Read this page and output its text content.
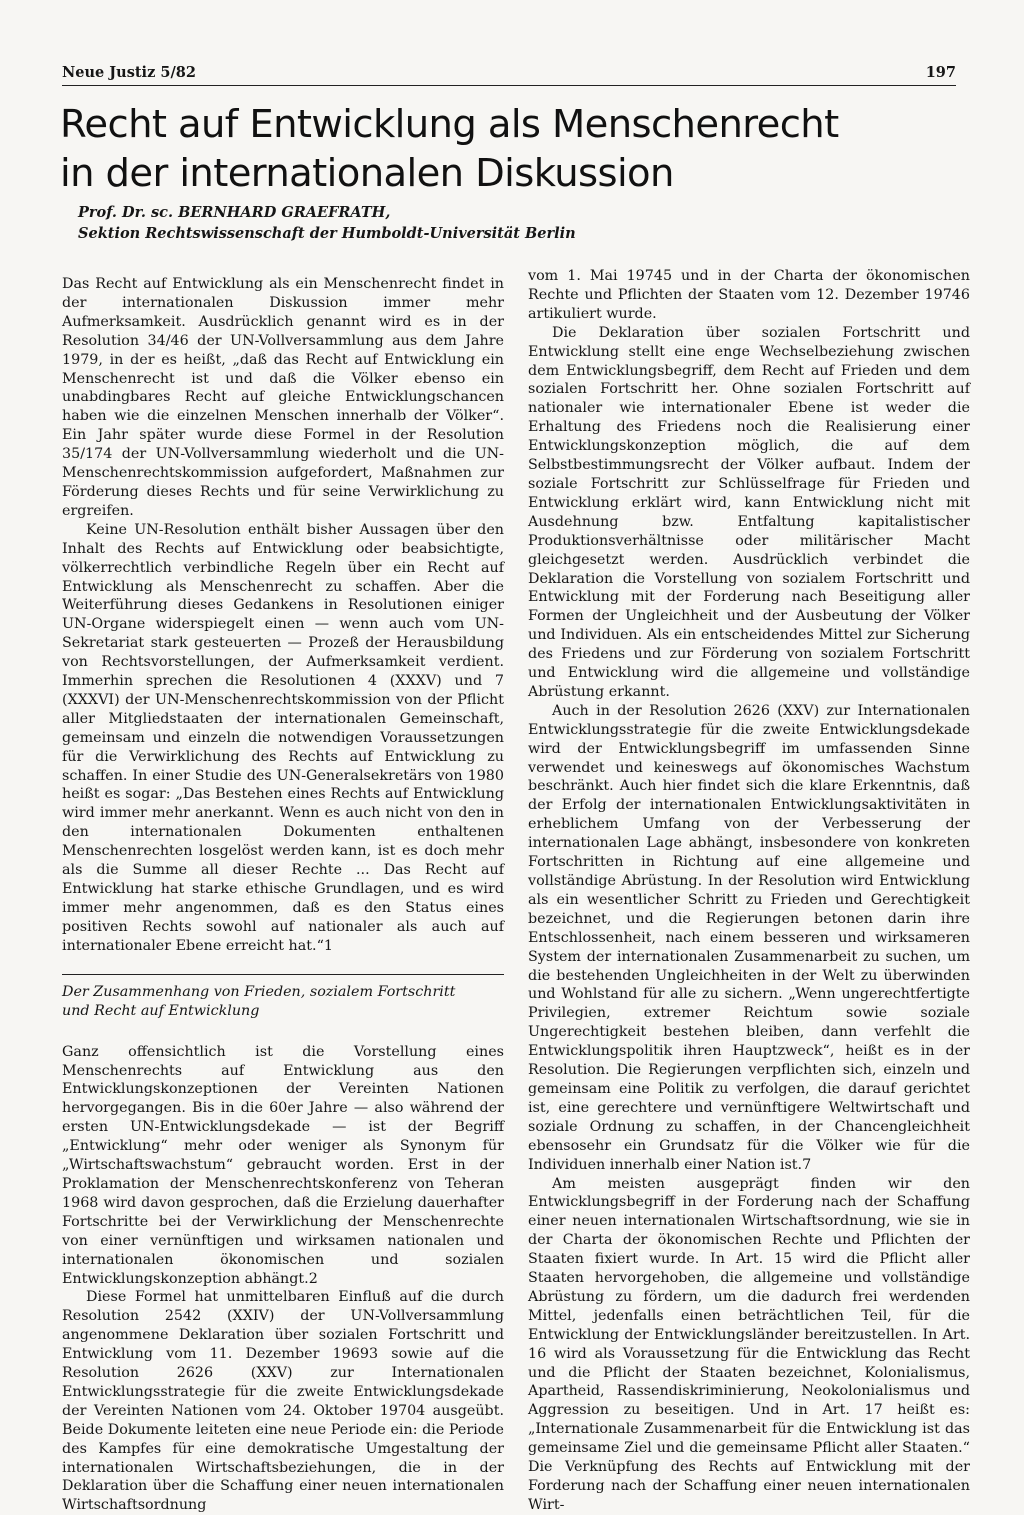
Neue Justiz 5/82	197
Recht auf Entwicklung als Menschenrecht
in der internationalen Diskussion
Prof. Dr. sc. BERNHARD GRAEFRATH,
Sektion Rechtswissenschaft der Humboldt-Universität Berlin

Das Recht auf Entwicklung als ein Menschenrecht findet in der internationalen Diskussion immer mehr Aufmerksamkeit. Ausdrücklich genannt wird es in der Resolution 34/46 der UN-Vollversammlung aus dem Jahre 1979, in der es heißt, „daß das Recht auf Entwicklung ein Menschenrecht ist und daß die Völker ebenso ein unabdingbares Recht auf gleiche Entwicklungschancen haben wie die einzelnen Menschen innerhalb der Völker“. Ein Jahr später wurde diese Formel in der Resolution 35/174 der UN-Vollversammlung wiederholt und die UN-Menschenrechtskommission aufgefordert, Maßnahmen zur Förderung dieses Rechts und für seine Verwirklichung zu ergreifen.

Keine UN-Resolution enthält bisher Aussagen über den Inhalt des Rechts auf Entwicklung oder beabsichtigte, völkerrechtlich verbindliche Regeln über ein Recht auf Entwicklung als Menschenrecht zu schaffen. Aber die Weiterführung dieses Gedankens in Resolutionen einiger UN-Organe widerspiegelt einen — wenn auch vom UN-Sekretariat stark gesteuerten — Prozeß der Herausbildung von Rechtsvorstellungen, der Aufmerksamkeit verdient. Immerhin sprechen die Resolutionen 4 (XXXV) und 7 (XXXVI) der UN-Menschenrechtskommission von der Pflicht aller Mitgliedstaaten der internationalen Gemeinschaft, gemeinsam und einzeln die notwendigen Voraussetzungen für die Verwirklichung des Rechts auf Entwicklung zu schaffen. In einer Studie des UN-Generalsekretärs von 1980 heißt es sogar: „Das Bestehen eines Rechts auf Entwicklung wird immer mehr anerkannt. Wenn es auch nicht von den in den internationalen Dokumenten enthaltenen Menschenrechten losgelöst werden kann, ist es doch mehr als die Summe all dieser Rechte ... Das Recht auf Entwicklung hat starke ethische Grundlagen, und es wird immer mehr angenommen, daß es den Status eines positiven Rechts sowohl auf nationaler als auch auf internationaler Ebene erreicht hat.“1

Der Zusammenhang von Frieden, sozialem Fortschritt
und Recht auf Entwicklung

Ganz offensichtlich ist die Vorstellung eines Menschenrechts auf Entwicklung aus den Entwicklungskonzeptionen der Vereinten Nationen hervorgegangen. Bis in die 60er Jahre — also während der ersten UN-Entwicklungsdekade — ist der Begriff „Entwicklung“ mehr oder weniger als Synonym für „Wirtschaftswachstum“ gebraucht worden. Erst in der Proklamation der Menschenrechtskonferenz von Teheran 1968 wird davon gesprochen, daß die Erzielung dauerhafter Fortschritte bei der Verwirklichung der Menschenrechte von einer vernünftigen und wirksamen nationalen und internationalen ökonomischen und sozialen Entwicklungskonzeption abhängt.2

Diese Formel hat unmittelbaren Einfluß auf die durch Resolution 2542 (XXIV) der UN-Vollversammlung angenommene Deklaration über sozialen Fortschritt und Entwicklung vom 11. Dezember 19693 sowie auf die Resolution 2626 (XXV) zur Internationalen Entwicklungsstrategie für die zweite Entwicklungsdekade der Vereinten Nationen vom 24. Oktober 19704 ausgeübt. Beide Dokumente leiteten eine neue Periode ein: die Periode des Kampfes für eine demokratische Umgestaltung der internationalen Wirtschaftsbeziehungen, die in der Deklaration über die Schaffung einer neuen internationalen Wirtschaftsordnung

vom 1. Mai 19745 und in der Charta der ökonomischen Rechte und Pflichten der Staaten vom 12. Dezember 19746 artikuliert wurde.

Die Deklaration über sozialen Fortschritt und Entwicklung stellt eine enge Wechselbeziehung zwischen dem Entwicklungsbegriff, dem Recht auf Frieden und dem sozialen Fortschritt her. Ohne sozialen Fortschritt auf nationaler wie internationaler Ebene ist weder die Erhaltung des Friedens noch die Realisierung einer Entwicklungskonzeption möglich, die auf dem Selbstbestimmungsrecht der Völker aufbaut. Indem der soziale Fortschritt zur Schlüsselfrage für Frieden und Entwicklung erklärt wird, kann Entwicklung nicht mit Ausdehnung bzw. Entfaltung kapitalistischer Produktionsverhältnisse oder militärischer Macht gleichgesetzt werden. Ausdrücklich verbindet die Deklaration die Vorstellung von sozialem Fortschritt und Entwicklung mit der Forderung nach Beseitigung aller Formen der Ungleichheit und der Ausbeutung der Völker und Individuen. Als ein entscheidendes Mittel zur Sicherung des Friedens und zur Förderung von sozialem Fortschritt und Entwicklung wird die allgemeine und vollständige Abrüstung erkannt.

Auch in der Resolution 2626 (XXV) zur Internationalen Entwicklungsstrategie für die zweite Entwicklungsdekade wird der Entwicklungsbegriff im umfassenden Sinne verwendet und keineswegs auf ökonomisches Wachstum beschränkt. Auch hier findet sich die klare Erkenntnis, daß der Erfolg der internationalen Entwicklungsaktivitäten in erheblichem Umfang von der Verbesserung der internationalen Lage abhängt, insbesondere von konkreten Fortschritten in Richtung auf eine allgemeine und vollständige Abrüstung. In der Resolution wird Entwicklung als ein wesentlicher Schritt zu Frieden und Gerechtigkeit bezeichnet, und die Regierungen betonen darin ihre Entschlossenheit, nach einem besseren und wirksameren System der internationalen Zusammenarbeit zu suchen, um die bestehenden Ungleichheiten in der Welt zu überwinden und Wohlstand für alle zu sichern. „Wenn ungerechtfertigte Privilegien, extremer Reichtum sowie soziale Ungerechtigkeit bestehen bleiben, dann verfehlt die Entwicklungspolitik ihren Hauptzweck“, heißt es in der Resolution. Die Regierungen verpflichten sich, einzeln und gemeinsam eine Politik zu verfolgen, die darauf gerichtet ist, eine gerechtere und vernünftigere Weltwirtschaft und soziale Ordnung zu schaffen, in der Chancengleichheit ebensosehr ein Grundsatz für die Völker wie für die Individuen innerhalb einer Nation ist.7

Am meisten ausgeprägt finden wir den Entwicklungsbegriff in der Forderung nach der Schaffung einer neuen internationalen Wirtschaftsordnung, wie sie in der Charta der ökonomischen Rechte und Pflichten der Staaten fixiert wurde. In Art. 15 wird die Pflicht aller Staaten hervorgehoben, die allgemeine und vollständige Abrüstung zu fördern, um die dadurch frei werdenden Mittel, jedenfalls einen beträchtlichen Teil, für die Entwicklung der Entwicklungsländer bereitzustellen. In Art. 16 wird als Voraussetzung für die Entwicklung das Recht und die Pflicht der Staaten bezeichnet, Kolonialismus, Apartheid, Rassendiskriminierung, Neokolonialismus und Aggression zu beseitigen. Und in Art. 17 heißt es: „Internationale Zusammenarbeit für die Entwicklung ist das gemeinsame Ziel und die gemeinsame Pflicht aller Staaten.“ Die Verknüpfung des Rechts auf Entwicklung mit der Forderung nach der Schaffung einer neuen internationalen Wirt-
